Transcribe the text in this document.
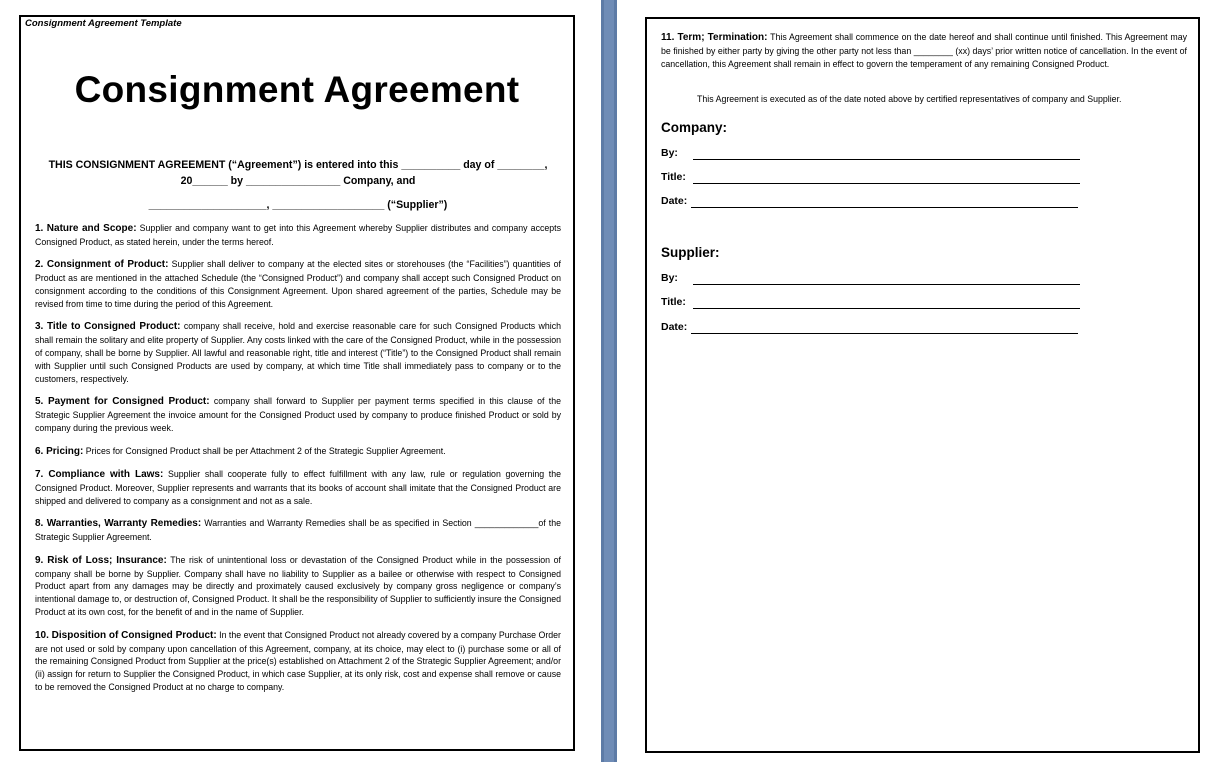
Consignment Agreement Template
Consignment Agreement
THIS CONSIGNMENT AGREEMENT (“Agreement”) is entered into this __________ day of ________,
20______ by ________________ Company, and
____________________, ___________________ (“Supplier”)

1. Nature and Scope: Supplier and company want to get into this Agreement whereby Supplier distributes and company accepts Consigned Product, as stated herein, under the terms hereof.

2. Consignment of Product: Supplier shall deliver to company at the elected sites or storehouses (the “Facilities”) quantities of Product as are mentioned in the attached Schedule (the “Consigned Product”) and company shall accept such Consigned Product on consignment according to the conditions of this Consignment Agreement. Upon shared agreement of the parties, Schedule may be revised from time to time during the period of this Agreement.

3. Title to Consigned Product: company shall receive, hold and exercise reasonable care for such Consigned Products which shall remain the solitary and elite property of Supplier. Any costs linked with the care of the Consigned Product, while in the possession of company, shall be borne by Supplier. All lawful and reasonable right, title and interest (“Title”) to the Consigned Product shall remain with Supplier until such Consigned Products are used by company, at which time Title shall immediately pass to company or to the customers, respectively.

5. Payment for Consigned Product: company shall forward to Supplier per payment terms specified in this clause of the Strategic Supplier Agreement the invoice amount for the Consigned Product used by company to produce finished Product or sold by company during the previous week.

6. Pricing: Prices for Consigned Product shall be per Attachment 2 of the Strategic Supplier Agreement.

7. Compliance with Laws: Supplier shall cooperate fully to effect fulfillment with any law, rule or regulation governing the Consigned Product. Moreover, Supplier represents and warrants that its books of account shall imitate that the Consigned Product are shipped and delivered to company as a consignment and not as a sale.

8. Warranties, Warranty Remedies: Warranties and Warranty Remedies shall be as specified in Section _____________of the Strategic Supplier Agreement.

9. Risk of Loss; Insurance: The risk of unintentional loss or devastation of the Consigned Product while in the possession of company shall be borne by Supplier. Company shall have no liability to Supplier as a bailee or otherwise with respect to Consigned Product apart from any damages may be directly and proximately caused exclusively by company gross negligence or company’s intentional damage to, or destruction of, Consigned Product. It shall be the responsibility of Supplier to sufficiently insure the Consigned Product at its own cost, for the benefit of and in the name of Supplier.

10. Disposition of Consigned Product: In the event that Consigned Product not already covered by a company Purchase Order are not used or sold by company upon cancellation of this Agreement, company, at its choice, may elect to (i) purchase some or all of the remaining Consigned Product from Supplier at the price(s) established on Attachment 2 of the Strategic Supplier Agreement; and/or (ii) assign for return to Supplier the Consigned Product, in which case Supplier, at its only risk, cost and expense shall remove or cause to be removed the Consigned Product at no charge to company.

11. Term; Termination: This Agreement shall commence on the date hereof and shall continue until finished. This Agreement may be finished by either party by giving the other party not less than ________ (xx) days’ prior written notice of cancellation. In the event of cancellation, this Agreement shall remain in effect to govern the temperament of any remaining Consigned Product.
This Agreement is executed as of the date noted above by certified representatives of company and Supplier.
Company:
By:
Title:
Date:
Supplier:
By:
Title:
Date:
